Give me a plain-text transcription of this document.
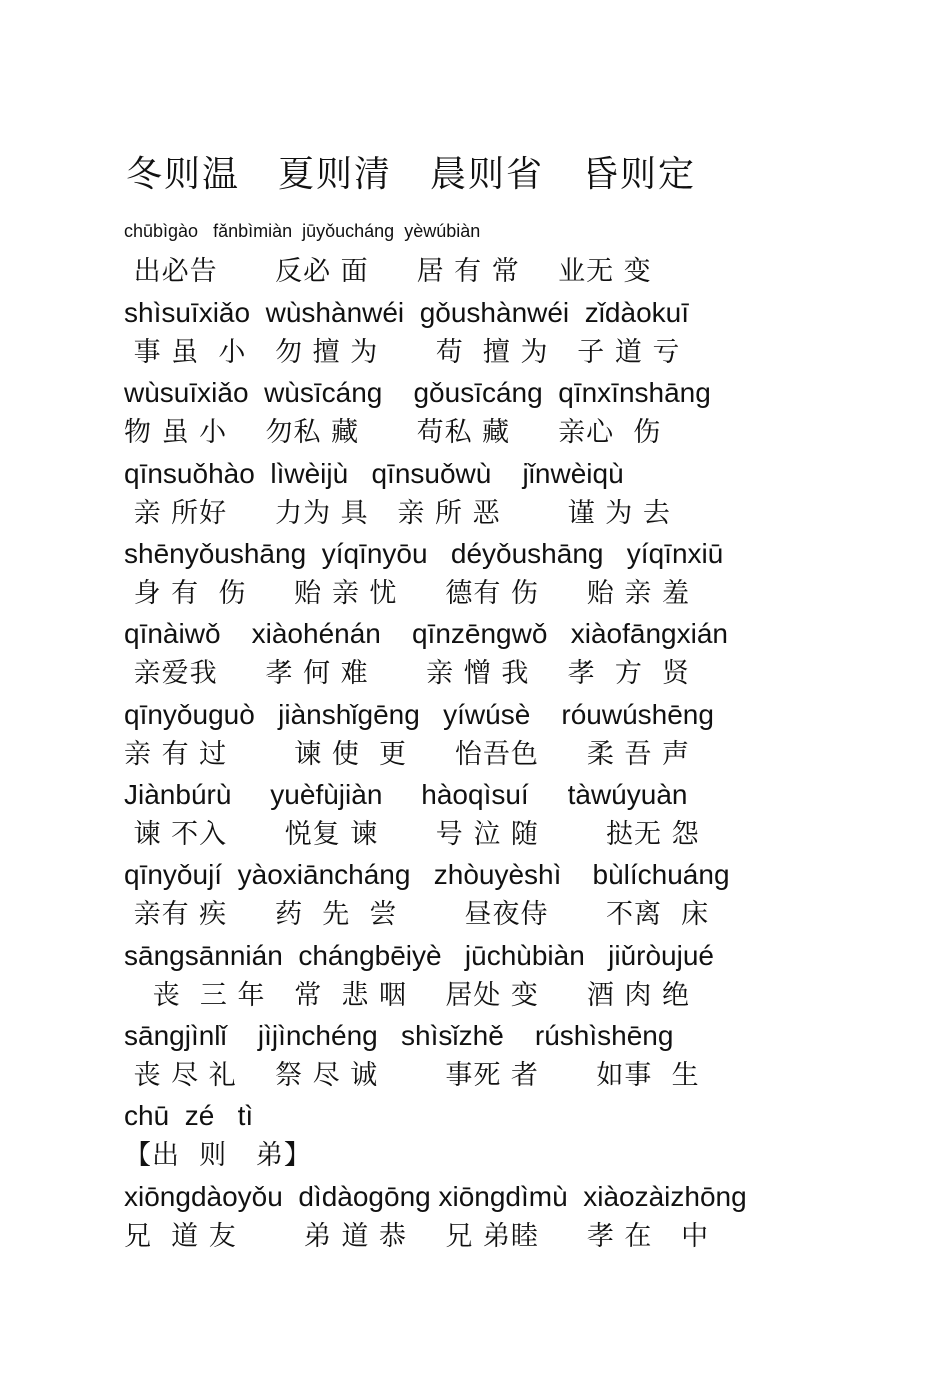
冬则温　夏则清　晨则省　昏则定
chūbìgào   fǎnbìmiàn  jūyǒucháng  yèwúbiàn
出必告      反必 面     居 有 常    业无 变
shìsuīxiǎo  wùshànwéi  gǒushànwéi  zǐdàokuī
事 虽  小   勿 擅 为      苟  擅 为   子 道 亏
wùsuīxiǎo  wùsīcáng    gǒusīcáng  qīnxīnshāng
物 虽 小    勿私 藏      苟私 藏     亲心  伤
qīnsuǒhào  lìwèijù   qīnsuǒwù    jǐnwèiqù
亲 所好     力为 具   亲 所 恶       谨 为 去
shēnyǒushāng  yíqīnyōu   déyǒushāng   yíqīnxiū
身 有  伤     贻 亲 忧     德有 伤     贻 亲 羞
qīnàiwǒ    xiàohénán    qīnzēngwǒ   xiàofāngxián
亲爱我     孝 何 难      亲 憎 我    孝  方  贤
qīnyǒuguò   jiànshǐgēng   yíwúsè    róuwúshēng
亲 有 过       谏 使  更     怡吾色     柔 吾 声
Jiànbúrù     yuèfùjiàn     hàoqìsuí     tàwúyuàn
谏 不入      悦复 谏      号 泣 随       挞无 怨
qīnyǒují  yàoxiāncháng   zhòuyèshì    bùlíchuáng
亲有 疾     药  先  尝       昼夜侍      不离  床
sāngsānnián  chángbēiyè   jūchùbiàn   jiǔròujué
丧  三 年   常  悲 咽    居处 变     酒 肉 绝
sāngjìnlǐ    jìjìnchéng   shìsǐzhě    rúshìshēng
丧 尽 礼    祭 尽 诚       事死 者      如事  生
chū  zé   tì
【出  则   弟】
xiōngdàoyǒu  dìdàogōng xiōngdìmù  xiàozàizhōng
兄  道 友       弟 道 恭    兄 弟睦     孝 在   中
